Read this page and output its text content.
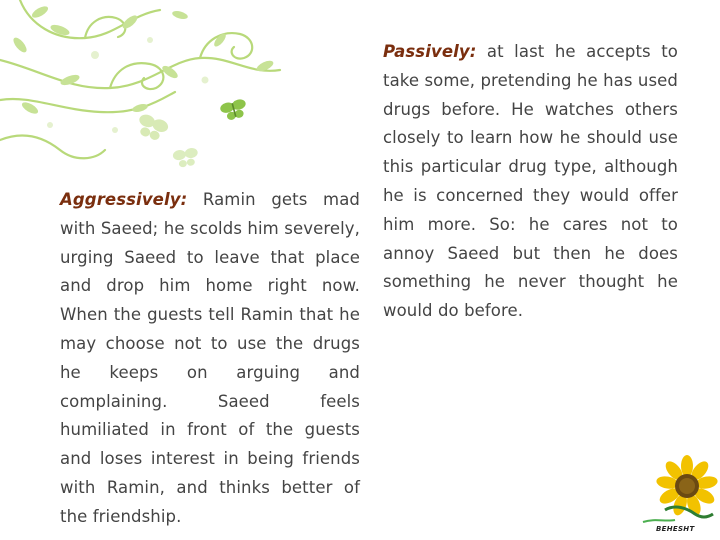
Aggressively: Ramin gets mad with Saeed; he scolds him severely, urging Saeed to leave that place and drop him home right now. When the guests tell Ramin that he may choose not to use the drugs he keeps on arguing and complaining. Saeed feels humiliated in front of the guests and loses interest in being friends with Ramin, and thinks better of the friendship.
Passively: at last he accepts to take some, pretending he has used drugs before. He watches others closely to learn how he should use this particular drug type, although he is concerned they would offer him more. So: he cares not to annoy Saeed but then he does something he never thought he would do before.
BEHESHT
